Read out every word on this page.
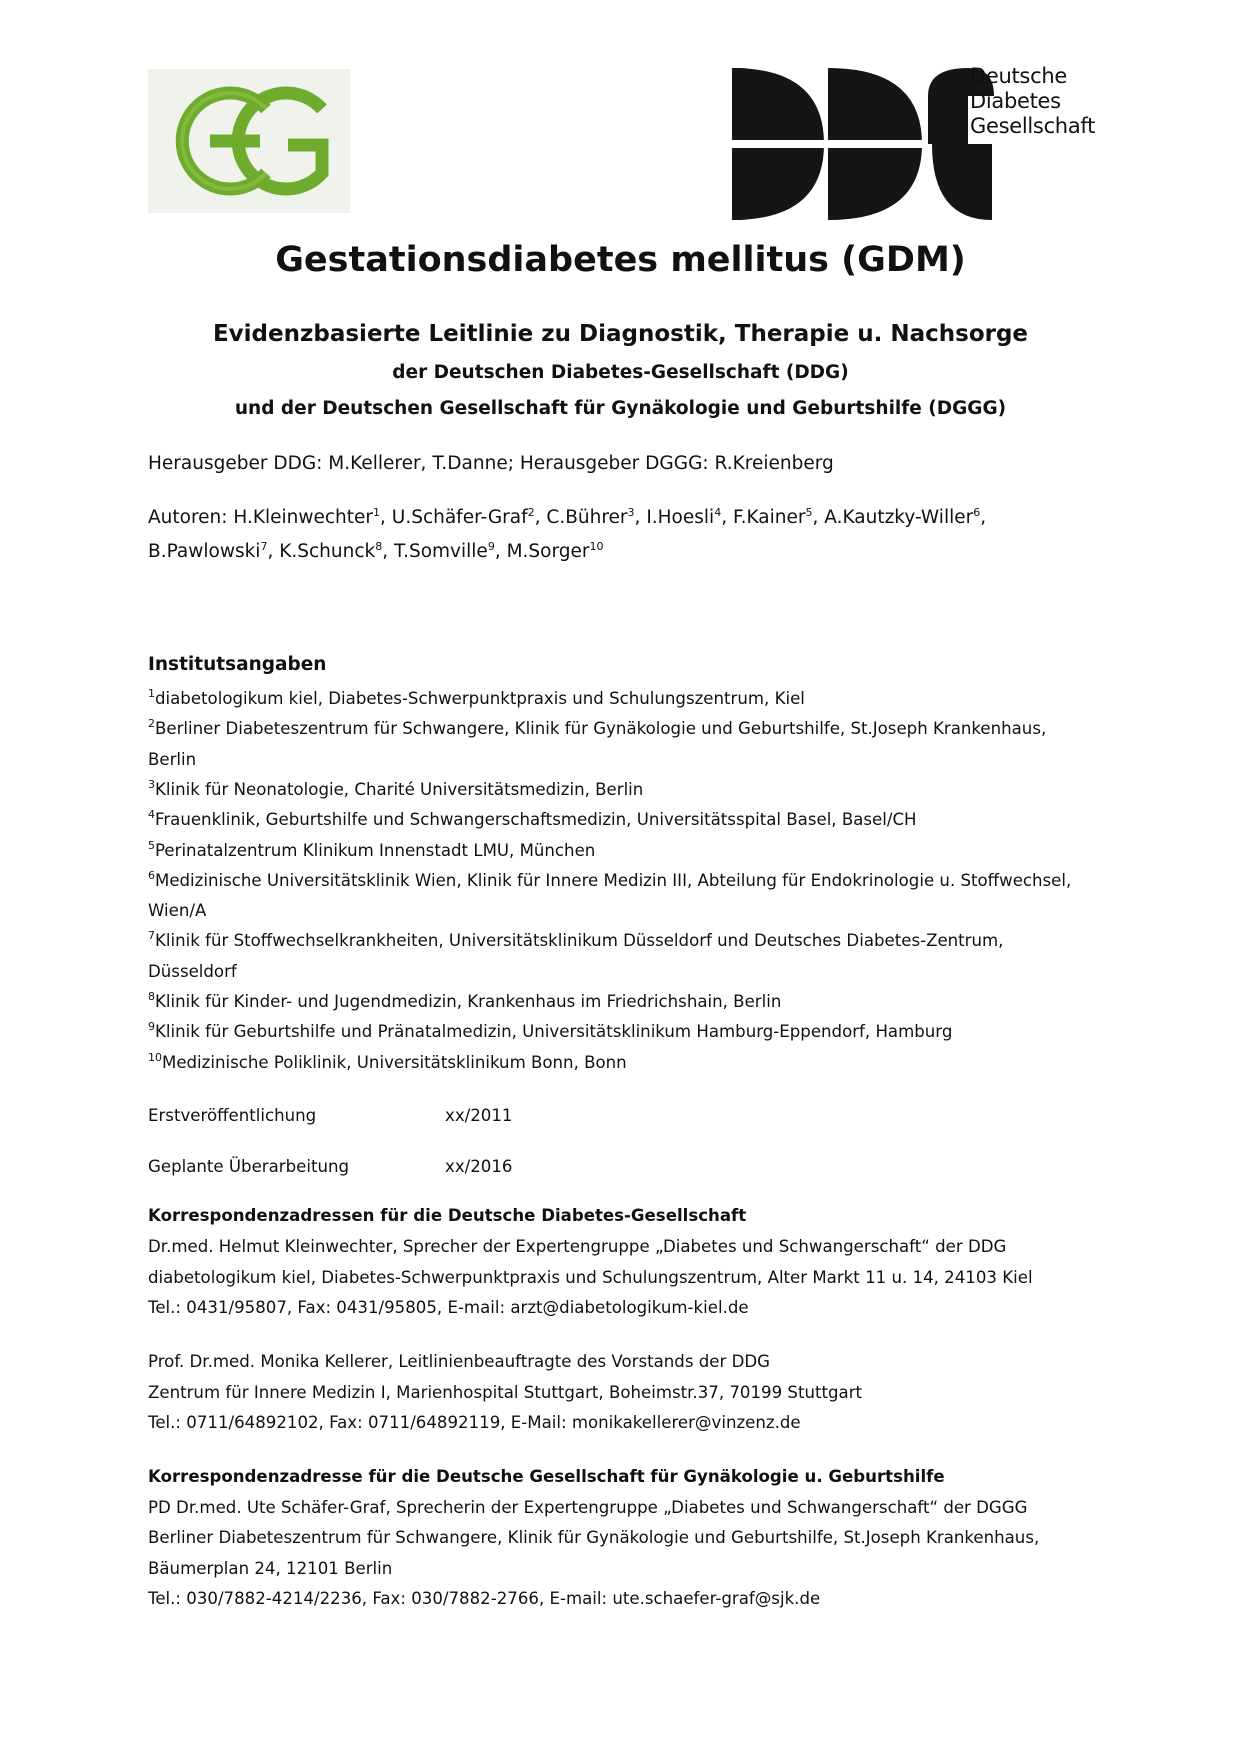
Deutsche
Diabetes
Gesellschaft
Gestationsdiabetes mellitus (GDM)
Evidenzbasierte Leitlinie zu Diagnostik, Therapie u. Nachsorge
der Deutschen Diabetes-Gesellschaft (DDG)
und der Deutschen Gesellschaft für Gynäkologie und Geburtshilfe (DGGG)
Herausgeber DDG: M.Kellerer, T.Danne; Herausgeber DGGG: R.Kreienberg
Autoren: H.Kleinwechter$^1$, U.Schäfer-Graf$^2$, C.Bührer$^3$, I.Hoesli$^4$, F.Kainer$^5$, A.Kautzky-Willer$^6$,
B.Pawlowski$^7$, K.Schunck$^8$, T.Somville$^9$, M.Sorger$^{10}$
Institutsangaben
$^1$diabetologikum kiel, Diabetes-Schwerpunktpraxis und Schulungszentrum, Kiel
$^2$Berliner Diabeteszentrum für Schwangere, Klinik für Gynäkologie und Geburtshilfe, St.Joseph Krankenhaus,
Berlin
$^3$Klinik für Neonatologie, Charité Universitätsmedizin, Berlin
$^4$Frauenklinik, Geburtshilfe und Schwangerschaftsmedizin, Universitätsspital Basel, Basel/CH
$^5$Perinatalzentrum Klinikum Innenstadt LMU, München
$^6$Medizinische Universitätsklinik Wien, Klinik für Innere Medizin III, Abteilung für Endokrinologie u. Stoffwechsel,
Wien/A
$^7$Klinik für Stoffwechselkrankheiten, Universitätsklinikum Düsseldorf und Deutsches Diabetes-Zentrum,
Düsseldorf
$^8$Klinik für Kinder- und Jugendmedizin, Krankenhaus im Friedrichshain, Berlin
$^9$Klinik für Geburtshilfe und Pränatalmedizin, Universitätsklinikum Hamburg-Eppendorf, Hamburg
$^{10}$Medizinische Poliklinik, Universitätsklinikum Bonn, Bonn
Erstveröffentlichung	xx/2011
Geplante Überarbeitung	xx/2016
Korrespondenzadressen für die Deutsche Diabetes-Gesellschaft
Dr.med. Helmut Kleinwechter, Sprecher der Expertengruppe „Diabetes und Schwangerschaft“ der DDG
diabetologikum kiel, Diabetes-Schwerpunktpraxis und Schulungszentrum, Alter Markt 11 u. 14, 24103 Kiel
Tel.: 0431/95807, Fax: 0431/95805, E-mail: arzt@diabetologikum-kiel.de
Prof. Dr.med. Monika Kellerer, Leitlinienbeauftragte des Vorstands der DDG
Zentrum für Innere Medizin I, Marienhospital Stuttgart, Boheimstr.37, 70199 Stuttgart
Tel.: 0711/64892102, Fax: 0711/64892119, E-Mail: monikakellerer@vinzenz.de
Korrespondenzadresse für die Deutsche Gesellschaft für Gynäkologie u. Geburtshilfe
PD Dr.med. Ute Schäfer-Graf, Sprecherin der Expertengruppe „Diabetes und Schwangerschaft“ der DGGG
Berliner Diabeteszentrum für Schwangere, Klinik für Gynäkologie und Geburtshilfe, St.Joseph Krankenhaus,
Bäumerplan 24, 12101 Berlin
Tel.: 030/7882-4214/2236, Fax: 030/7882-2766, E-mail: ute.schaefer-graf@sjk.de
